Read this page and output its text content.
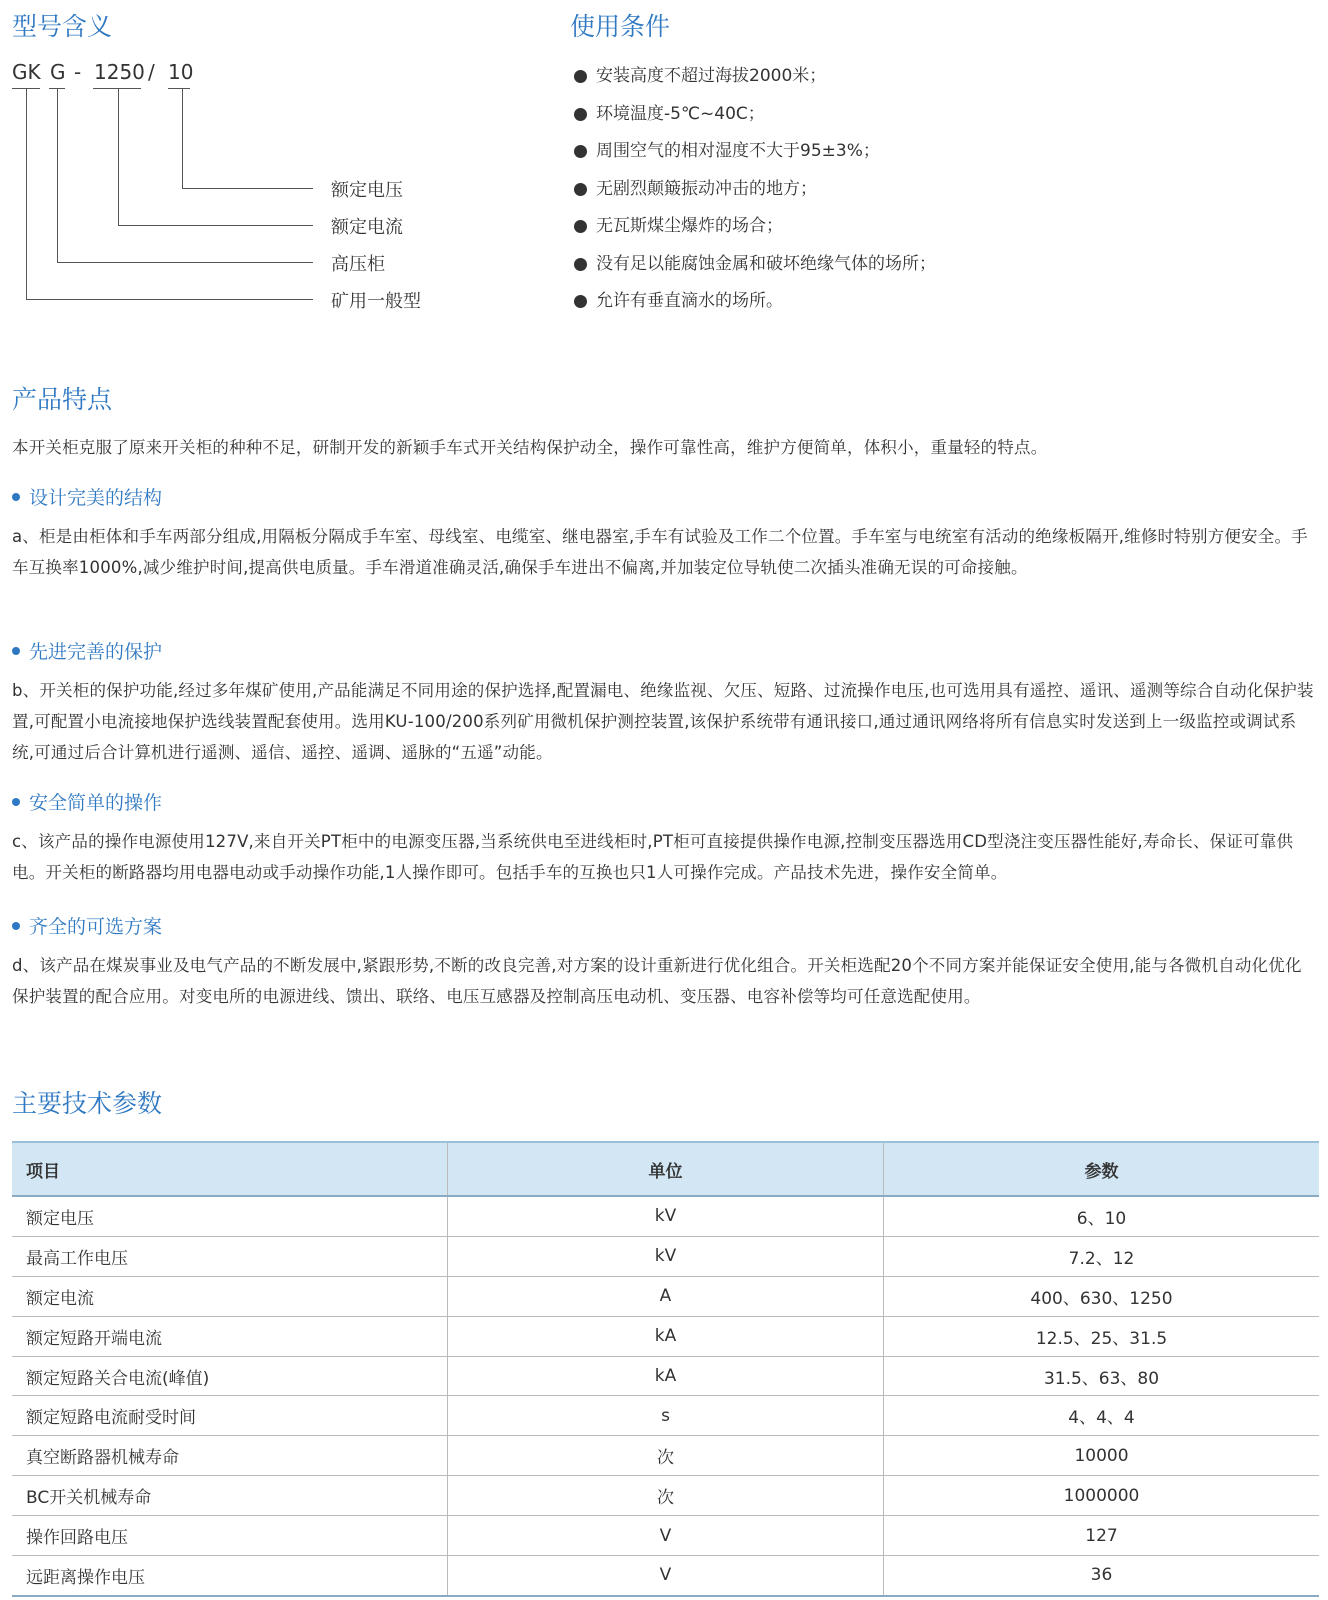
型号含义
GK G - 1250 / 10
额定电压
额定电流
高压柜
矿用一般型
使用条件
安装高度不超过海拔2000米；
环境温度-5℃~40C；
周围空气的相对湿度不大于95±3%；
无剧烈颠簸振动冲击的地方；
无瓦斯煤尘爆炸的场合；
没有足以能腐蚀金属和破坏绝缘气体的场所；
允许有垂直滴水的场所。
产品特点

本开关柜克服了原来开关柜的种种不足，研制开发的新颖手车式开关结构保护动全，操作可靠性高，维护方便简单，体积小，重量轻的特点。

设计完美的结构

a、柜是由柜体和手车两部分组成,用隔板分隔成手车室、母线室、电缆室、继电器室,手车有试验及工作二个位置。手车室与电统室有活动的绝缘板隔开,维修时特别方便安全。手车互换率1000%,减少维护时间,提高供电质量。手车滑道准确灵活,确保手车进出不偏离,并加装定位导轨使二次插头准确无误的可命接触。

先进完善的保护

b、开关柜的保护功能,经过多年煤矿使用,产品能满足不同用途的保护选择,配置漏电、绝缘监视、欠压、短路、过流操作电压,也可选用具有遥控、遥讯、遥测等综合自动化保护装置,可配置小电流接地保护选线装置配套使用。选用KU-100/200系列矿用微机保护测控装置,该保护系统带有通讯接口,通过通讯网络将所有信息实时发送到上一级监控或调试系统,可通过后合计算机进行遥测、遥信、遥控、遥调、遥脉的“五遥”动能。

安全简单的操作

c、该产品的操作电源使用127V,来自开关PT柜中的电源变压器,当系统供电至进线柜时,PT柜可直接提供操作电源,控制变压器选用CD型浇注变压器性能好,寿命长、保证可靠供电。开关柜的断路器均用电器电动或手动操作功能,1人操作即可。包括手车的互换也只1人可操作完成。产品技术先进，操作安全简单。

齐全的可选方案

d、该产品在煤炭事业及电气产品的不断发展中,紧跟形势,不断的改良完善,对方案的设计重新进行优化组合。开关柜选配20个不同方案并能保证安全使用,能与各微机自动化优化保护装置的配合应用。对变电所的电源进线、馈出、联络、电压互感器及控制高压电动机、变压器、电容补偿等均可任意选配使用。

主要技术参数
项目	单位	参数
额定电压	kV	6、10
最高工作电压	kV	7.2、12
额定电流	A	400、630、1250
额定短路开端电流	kA	12.5、25、31.5
额定短路关合电流(峰值)	kA	31.5、63、80
额定短路电流耐受时间	s	4、4、4
真空断路器机械寿命	次	10000
BC开关机械寿命	次	1000000
操作回路电压	V	127
远距离操作电压	V	36
